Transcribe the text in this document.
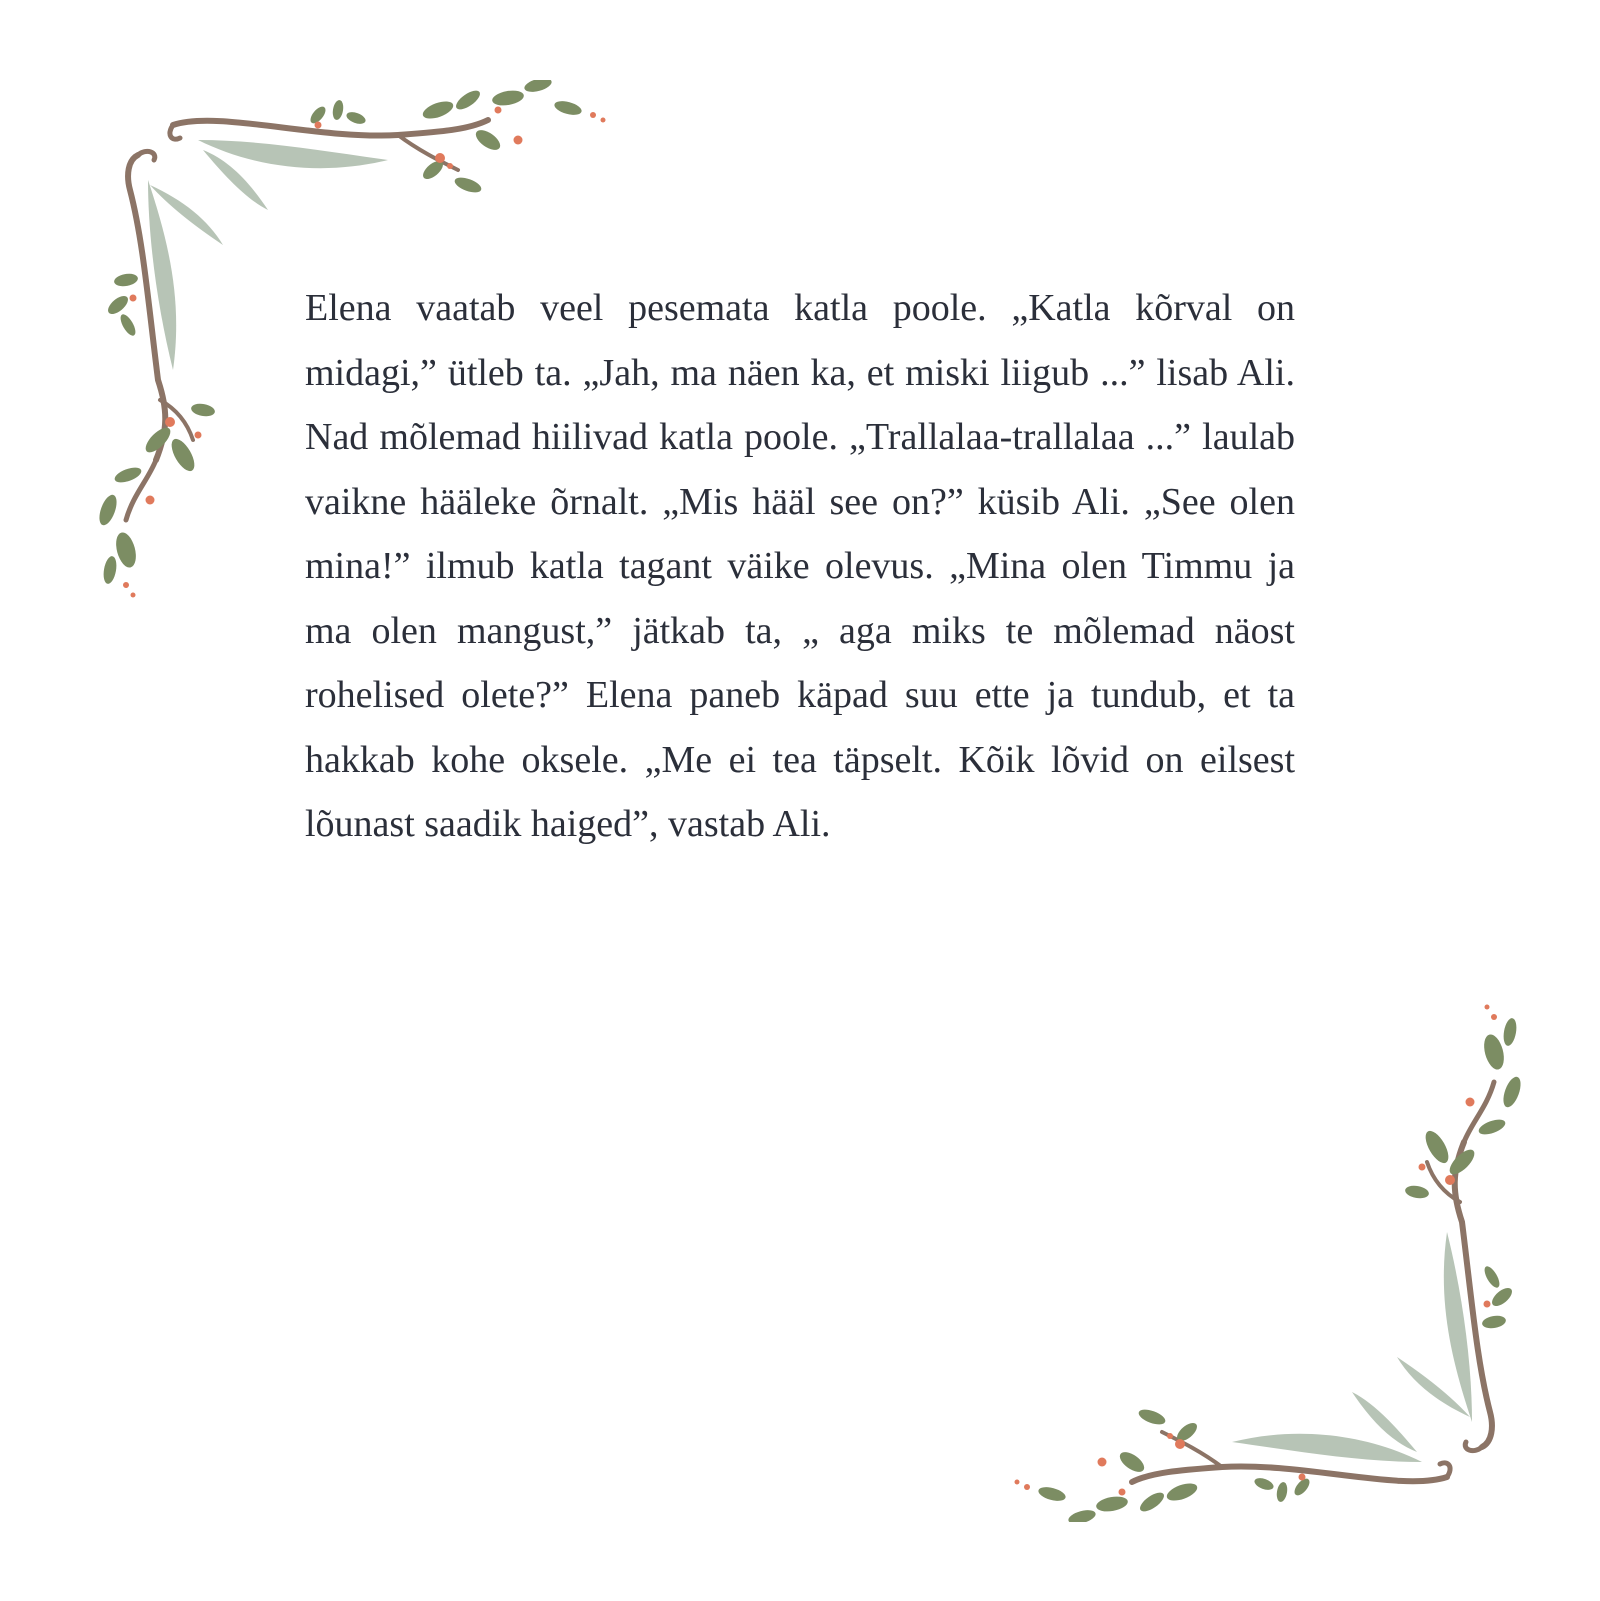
Elena vaatab veel pesemata katla poole. „Katla kõrval on midagi,” ütleb ta. „Jah, ma näen ka, et miski liigub ...” lisab Ali. Nad mõlemad hiilivad katla poole. „Trallalaa-trallalaa ...” laulab vaikne hääleke õrnalt. „Mis hääl see on?” küsib Ali. „See olen mina!” ilmub katla tagant väike olevus. „Mina olen Timmu ja ma olen mangust,” jätkab ta, „ aga miks te mõlemad näost rohelised olete?” Elena paneb käpad suu ette ja tundub, et ta hakkab kohe oksele. „Me ei tea täpselt. Kõik lõvid on eilsest lõunast saadik haiged”, vastab Ali.
